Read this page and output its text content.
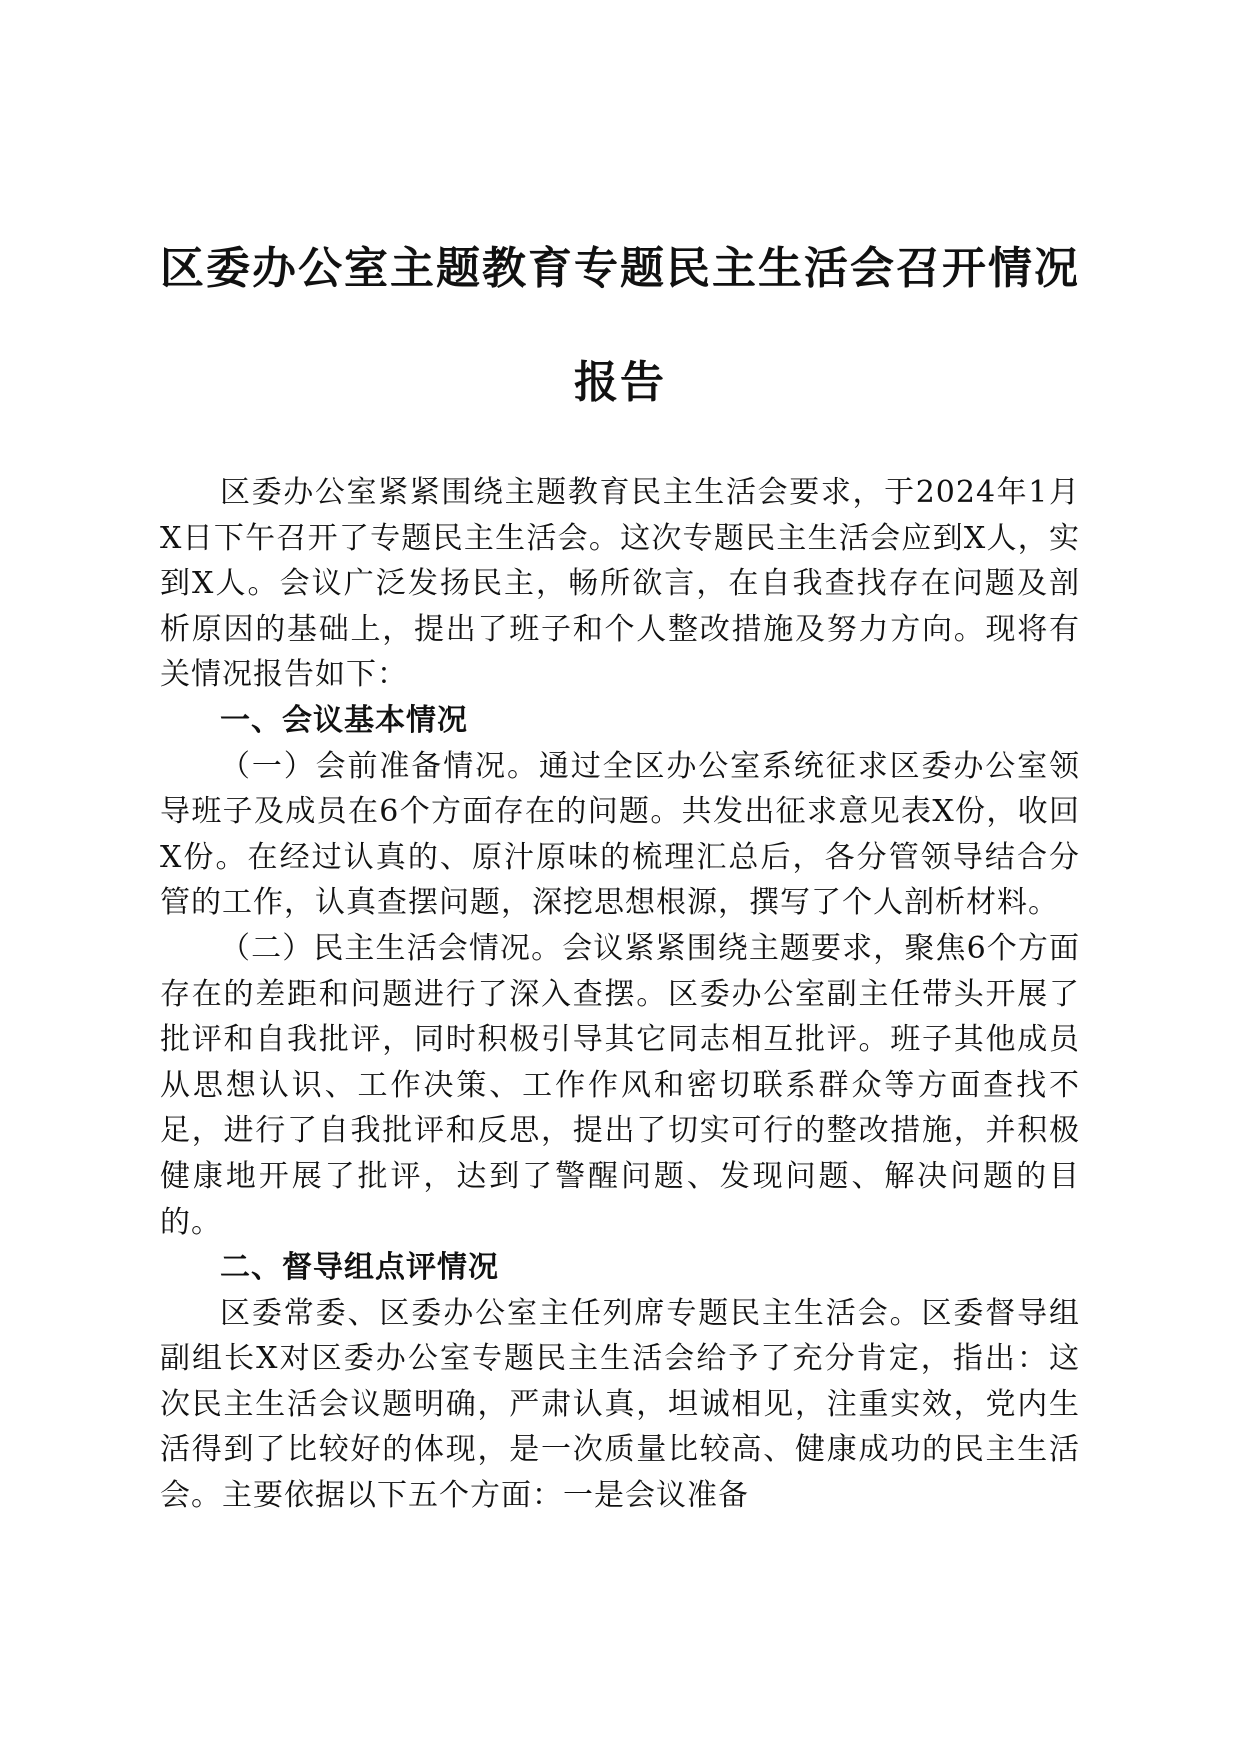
区委办公室主题教育专题民主生活会召开情况
报告

区委办公室紧紧围绕主题教育民主生活会要求，于2024年1月X日下午召开了专题民主生活会。这次专题民主生活会应到X人，实到X人。会议广泛发扬民主，畅所欲言，在自我查找存在问题及剖析原因的基础上，提出了班子和个人整改措施及努力方向。现将有关情况报告如下：

一、会议基本情况

（一）会前准备情况。通过全区办公室系统征求区委办公室领导班子及成员在6个方面存在的问题。共发出征求意见表X份，收回X份。在经过认真的、原汁原味的梳理汇总后，各分管领导结合分管的工作，认真查摆问题，深挖思想根源，撰写了个人剖析材料。

（二）民主生活会情况。会议紧紧围绕主题要求，聚焦6个方面存在的差距和问题进行了深入查摆。区委办公室副主任带头开展了批评和自我批评，同时积极引导其它同志相互批评。班子其他成员从思想认识、工作决策、工作作风和密切联系群众等方面查找不足，进行了自我批评和反思，提出了切实可行的整改措施，并积极健康地开展了批评，达到了警醒问题、发现问题、解决问题的目的。

二、督导组点评情况

区委常委、区委办公室主任列席专题民主生活会。区委督导组副组长X对区委办公室专题民主生活会给予了充分肯定，指出：这次民主生活会议题明确，严肃认真，坦诚相见，注重实效，党内生活得到了比较好的体现，是一次质量比较高、健康成功的民主生活会。主要依据以下五个方面：一是会议准备
